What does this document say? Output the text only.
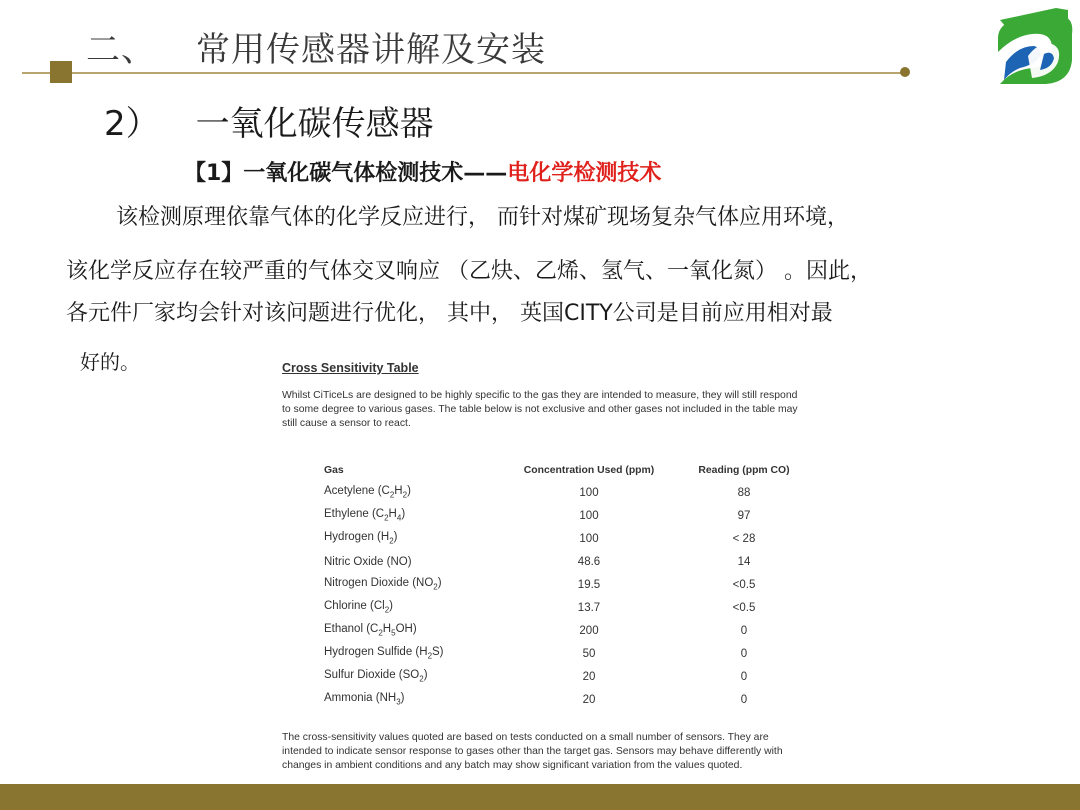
二、 常用传感器讲解及安装
2） 一氧化碳传感器
【1】一氧化碳气体检测技术——电化学检测技术
该检测原理依靠气体的化学反应进行， 而针对煤矿现场复杂气体应用环境，
该化学反应存在较严重的气体交叉响应 （乙炔、乙烯、氢气、一氧化氮） 。因此，
各元件厂家均会针对该问题进行优化， 其中， 英国CITY公司是目前应用相对最
好的。	Cross Sensitivity Table
Whilst CiTiceLs are designed to be highly specific to the gas they are intended to measure, they will still respond
to some degree to various gases. The table below is not exclusive and other gases not included in the table may
still cause a sensor to react.
Gas	Concentration Used (ppm)	Reading (ppm CO)
Acetylene $(C_2H_2)$	100	88
Ethylene $(C_2H_4)$	100	97
Hydrogen $(H_2)$	100	< 28
Nitric Oxide (NO)	48.6	14
Nitrogen Dioxide $(NO_2)$	19.5	<0.5
Chlorine $(Cl_2)$	13.7	<0.5
Ethanol $(C_2H_5OH)$	200	0
Hydrogen Sulfide $(H_2S)$	50	0
Sulfur Dioxide $(SO_2)$	20	0
Ammonia $(NH_3)$	20	0
The cross-sensitivity values quoted are based on tests conducted on a small number of sensors. They are
intended to indicate sensor response to gases other than the target gas. Sensors may behave differently with
changes in ambient conditions and any batch may show significant variation from the values quoted.
